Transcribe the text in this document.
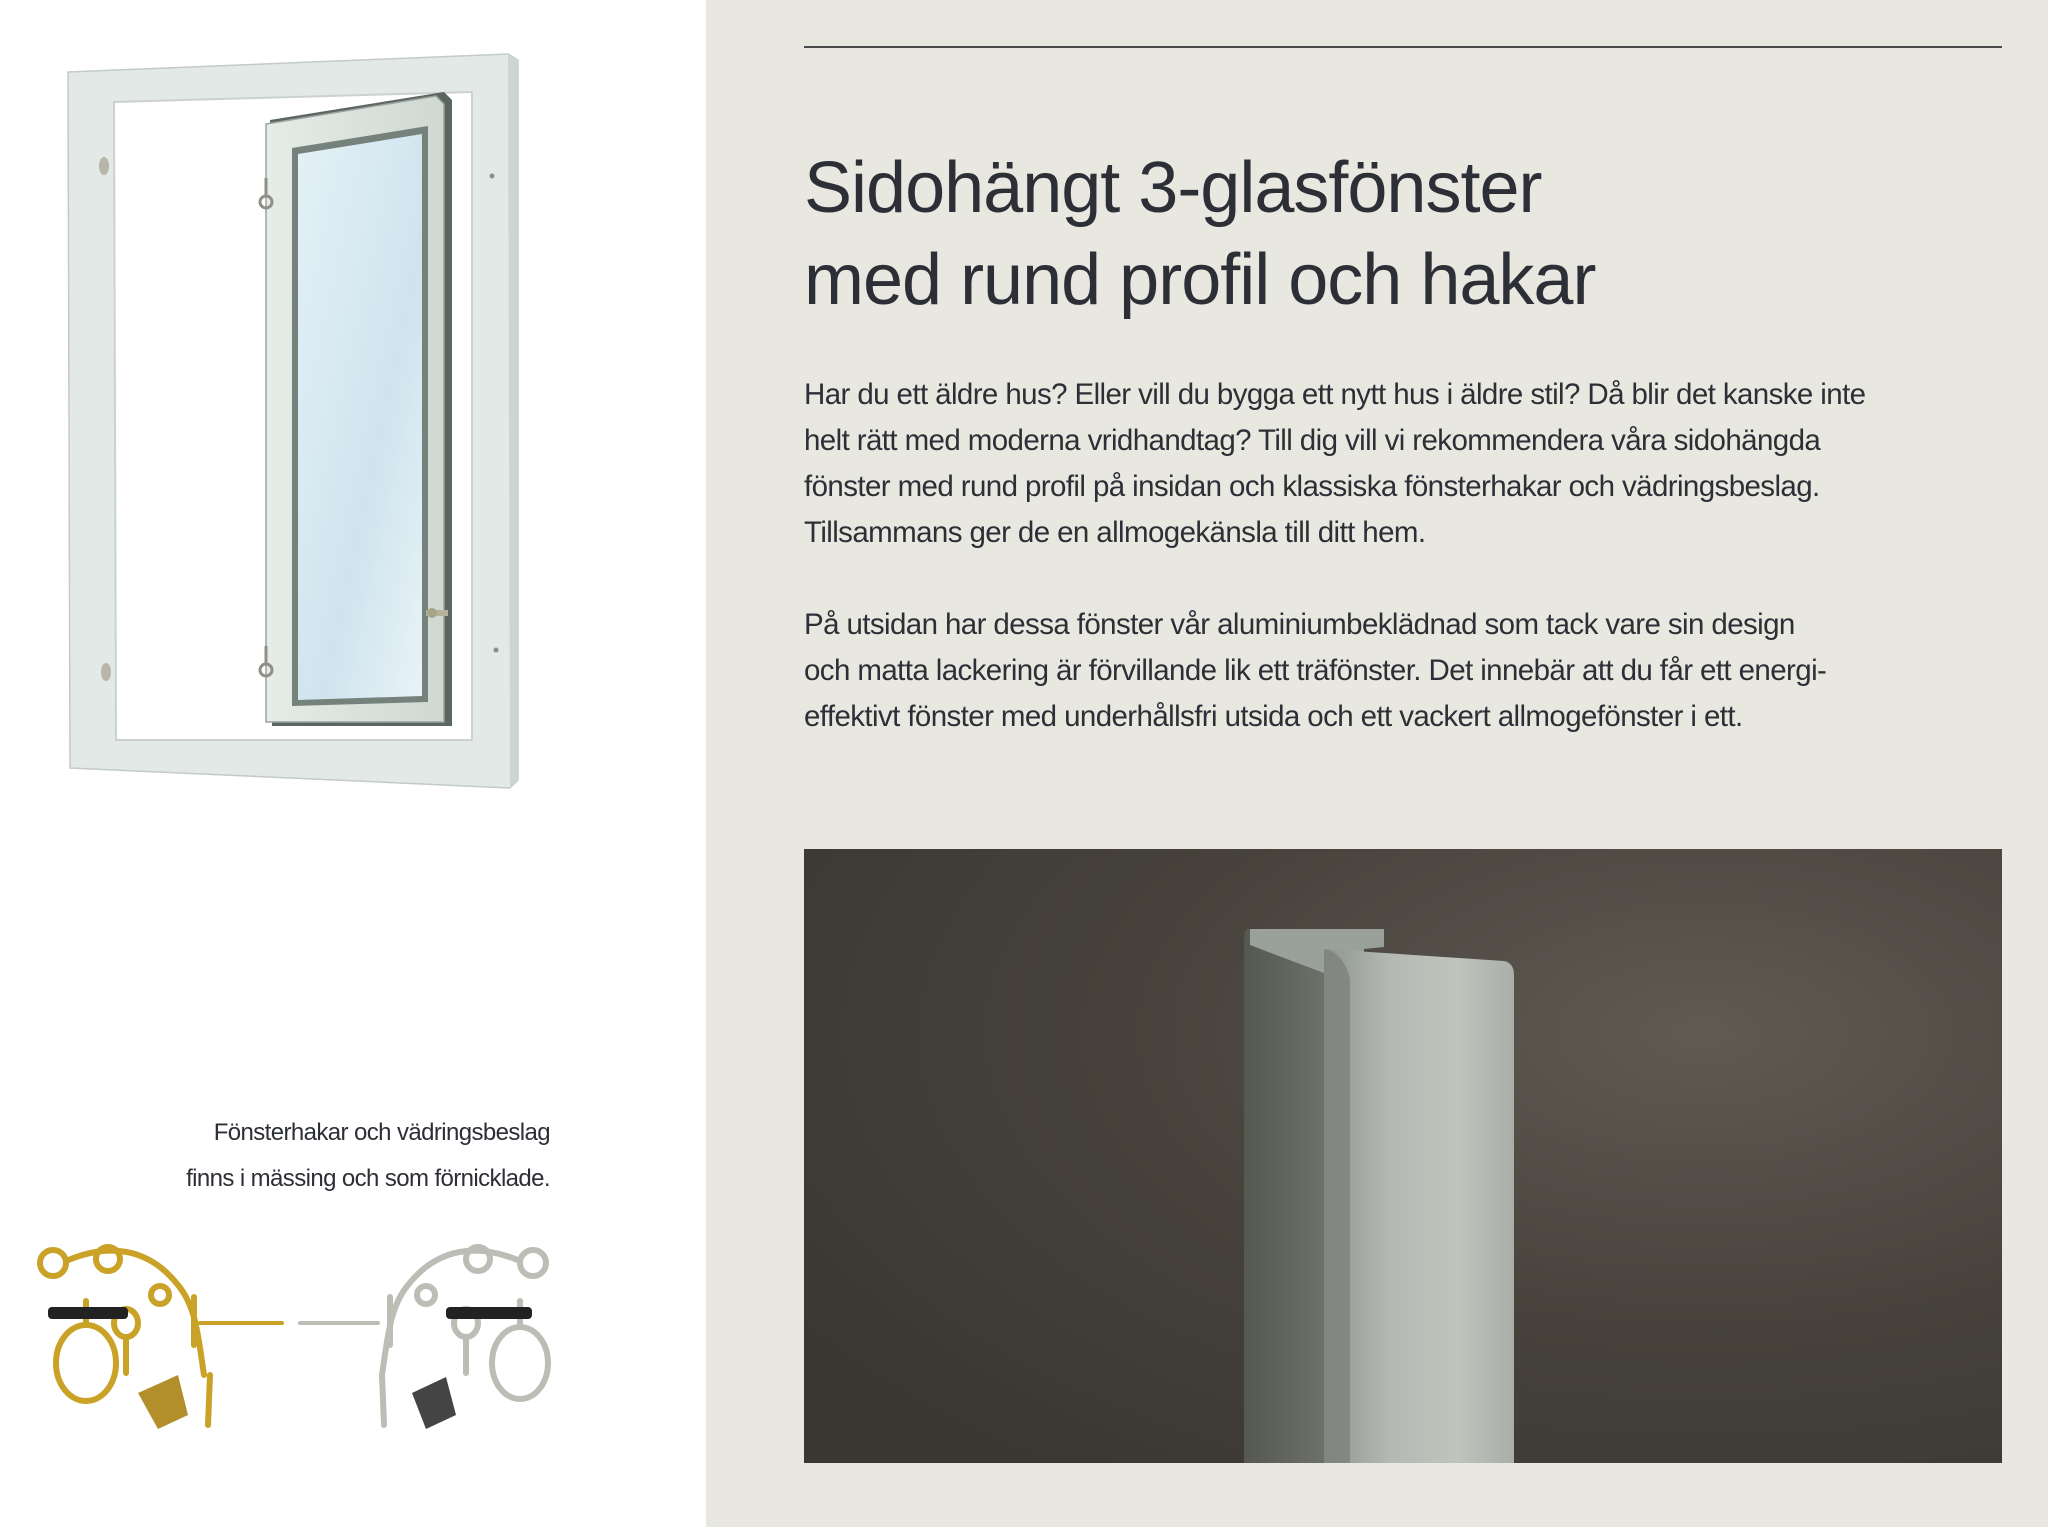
Fönsterhakar och vädringsbeslag
finns i mässing och som förnicklade.

Sidohängt 3-glasfönster
med rund profil och hakar

Har du ett äldre hus? Eller vill du bygga ett nytt hus i äldre stil? Då blir det kanske inte
helt rätt med moderna vridhandtag? Till dig vill vi rekommendera våra sidohängda
fönster med rund profil på insidan och klassiska fönsterhakar och vädringsbeslag.
Tillsammans ger de en allmogekänsla till ditt hem.

På utsidan har dessa fönster vår aluminiumbeklädnad som tack vare sin design
och matta lackering är förvillande lik ett träfönster. Det innebär att du får ett energi-
effektivt fönster med underhållsfri utsida och ett vackert allmogefönster i ett.
